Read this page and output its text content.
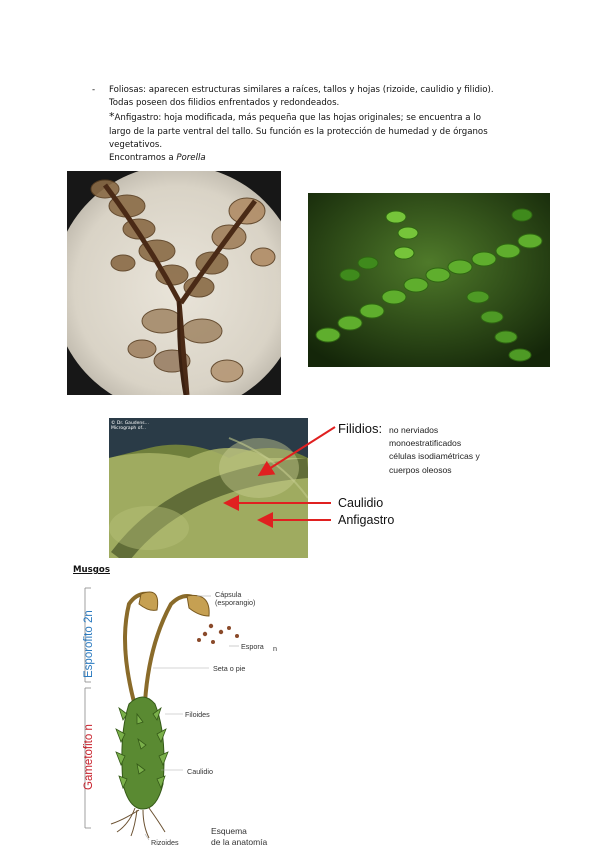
- Foliosas: aparecen estructuras similares a raíces, tallos y hojas (rizoide, caulidio y filidio).

Todas poseen dos filidios enfrentados y redondeados.

*Anfigastro: hoja modificada, más pequeña que las hojas originales; se encuentra a lo

largo de la parte ventral del tallo. Su función es la protección de humedad y de órganos

vegetativos.

Encontramos a Porella

© Dr. Gaudens...
Micrograph of...	Filidios: no nerviados
monoestratificados
células isodiamétricas y
cuerpos oleosos
Caulidio
Anfigastro
Musgos
Cápsula
(esporangio)
Espora n
Seta o pie
Filoides
Caulidio
Rizoides
Esporofito 2n
Gametofito n
Esquema
de la anatomía
